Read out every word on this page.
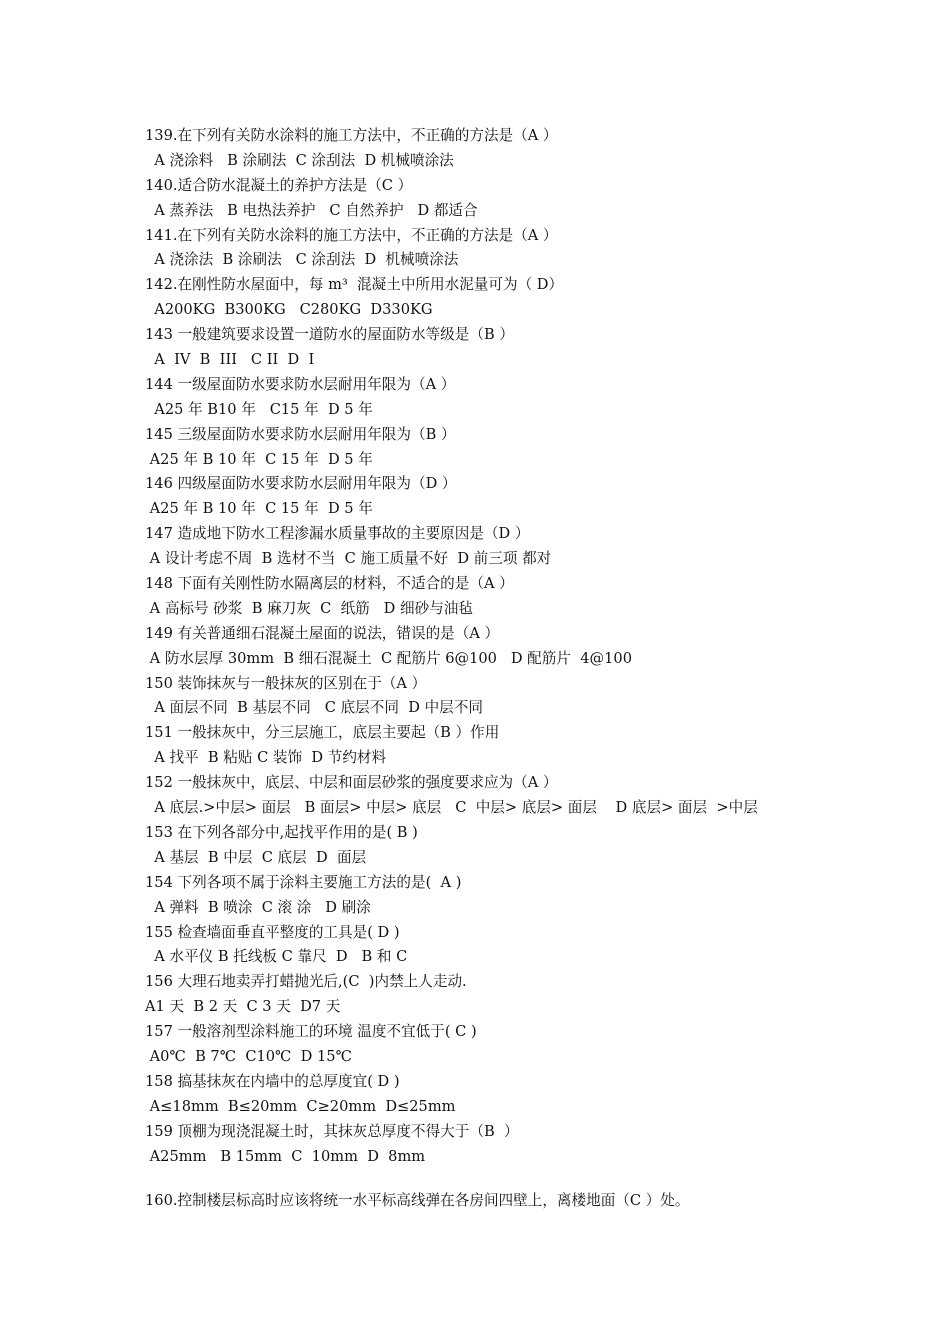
139.在下列有关防水涂料的施工方法中，不正确的方法是（A ）
A 浇涂料   B 涂刷法  C 涂刮法  D 机械喷涂法
140.适合防水混凝土的养护方法是（C ）
A 蒸养法   B 电热法养护   C 自然养护   D 都适合
141.在下列有关防水涂料的施工方法中，不正确的方法是（A ）
A 浇涂法  B 涂刷法   C 涂刮法  D  机械喷涂法
142.在刚性防水屋面中，每 m³  混凝土中所用水泥量可为（ D）
A200KG  B300KG   C280KG  D330KG
143 一般建筑要求设置一道防水的屋面防水等级是（B ）
A  IV  B  III   C II  D  I
144 一级屋面防水要求防水层耐用年限为（A ）
A25 年 B10 年   C15 年  D 5 年
145 三级屋面防水要求防水层耐用年限为（B ）
A25 年 B 10 年  C 15 年  D 5 年
146 四级屋面防水要求防水层耐用年限为（D ）
A25 年 B 10 年  C 15 年  D 5 年
147 造成地下防水工程渗漏水质量事故的主要原因是（D ）
A 设计考虑不周  B 选材不当  C 施工质量不好  D 前三项 都对
148 下面有关刚性防水隔离层的材料，不适合的是（A ）
A 高标号 砂浆  B 麻刀灰  C  纸筋   D 细砂与油毡
149 有关普通细石混凝土屋面的说法，错误的是（A ）
A 防水层厚 30mm  B 细石混凝土  C 配筋片 6@100   D 配筋片  4@100
150 装饰抹灰与一般抹灰的区别在于（A ）
A 面层不同  B 基层不同   C 底层不同  D 中层不同
151 一般抹灰中，分三层施工，底层主要起（B ）作用
A 找平  B 粘贴 C 装饰  D 节约材料
152 一般抹灰中，底层、中层和面层砂浆的强度要求应为（A ）
A 底层.>中层> 面层   B 面层> 中层> 底层   C  中层> 底层> 面层    D 底层> 面层  >中层
153 在下列各部分中,起找平作用的是( B )
A 基层  B 中层  C 底层  D  面层
154 下列各项不属于涂料主要施工方法的是(  A )
A 弹料  B 喷涂  C 滚 涂   D 刷涂
155 检查墙面垂直平整度的工具是( D )
A 水平仪 B 托线板 C 靠尺  D   B 和 C
156 大理石地卖弄打蜡抛光后,(C  )内禁上人走动.
A1 天  B 2 天  C 3 天  D7 天
157 一般溶剂型涂料施工的环境 温度不宜低于( C )
A0℃  B 7℃  C10℃  D 15℃
158 搞基抹灰在内墙中的总厚度宜( D )
A≤18mm  B≤20mm  C≥20mm  D≤25mm
159 顶棚为现浇混凝土时，其抹灰总厚度不得大于（B  ）
A25mm   B 15mm  C  10mm  D  8mm
160.控制楼层标高时应该将统一水平标高线弹在各房间四壁上，离楼地面（C ）处。
